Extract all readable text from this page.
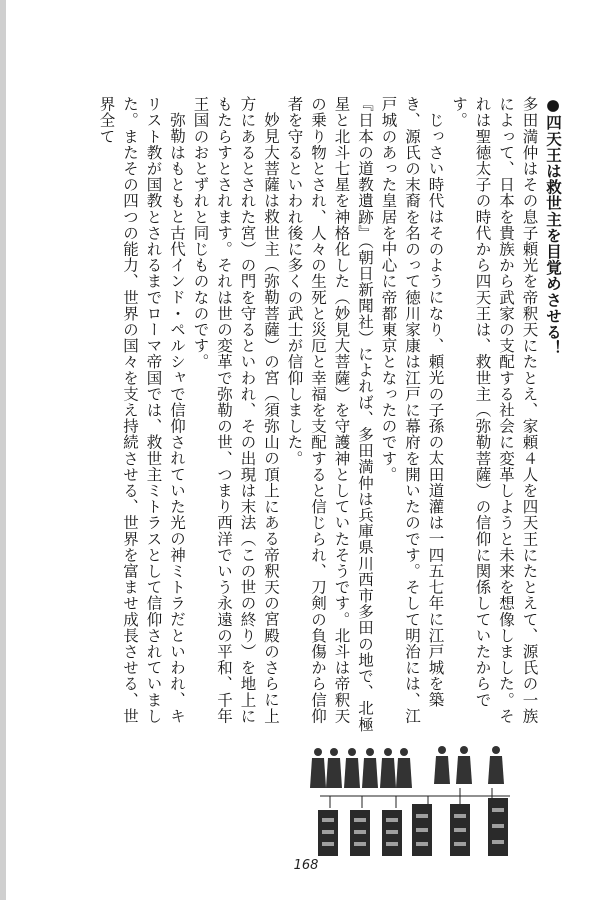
●四天王は救世主を目覚めさせる！

多田満仲はその息子頼光を帝釈天にたとえ、家頼４人を四天王にたとえて、源氏の一族によって、日本を貴族から武家の支配する社会に変革しようと未来を想像しました。それは聖徳太子の時代から四天王は、救世主（弥勒菩薩）の信仰に関係していたからです。

じっさい時代はそのようになり、頼光の子孫の太田道灌は一四五七年に江戸城を築き、源氏の末裔を名のって徳川家康は江戸に幕府を開いたのです。そして明治には、江戸城のあった皇居を中心に帝都東京となったのです。

『日本の道教遺跡』（朝日新聞社）によれば、多田満仲は兵庫県川西市多田の地で、北極星と北斗七星を神格化した（妙見大菩薩）を守護神としていたそうです。北斗は帝釈天の乗り物とされ、人々の生死と災厄と幸福を支配すると信じられ、刀剣の負傷から信仰者を守るといわれ後に多くの武士が信仰しました。

妙見大菩薩は救世主（弥勒菩薩）の宮（須弥山の頂上にある帝釈天の宮殿のさらに上方にあるとされた宮）の門を守るといわれ、その出現は末法（この世の終り）を地上にもたらすとされます。それは世の変革で弥勒の世、つまり西洋でいう永遠の平和、千年王国のおとずれと同じものなのです。

弥勒はもともと古代インド・ペルシャで信仰されていた光の神ミトラだといわれ、キリスト教が国教とされるまでローマ帝国では、救世主ミトラスとして信仰されていました。またその四つの能力、世界の国々を支え持続させる、世界を富ませ成長させる、世界全て

168
